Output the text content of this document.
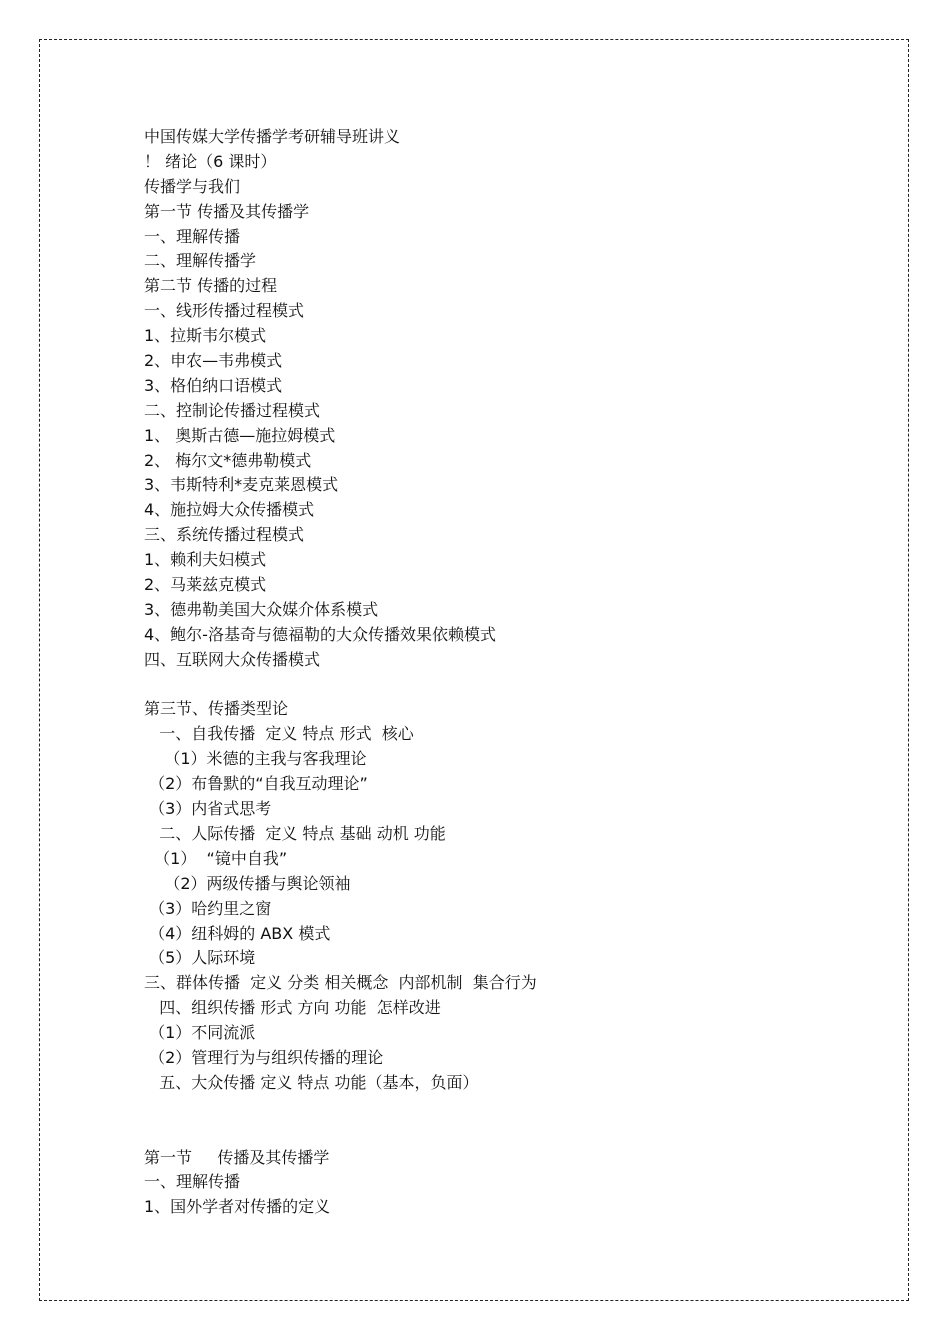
中国传媒大学传播学考研辅导班讲义
！ 绪论（6 课时）
传播学与我们
第一节 传播及其传播学
一、理解传播
二、理解传播学
第二节 传播的过程
一、线形传播过程模式
1、拉斯韦尔模式
2、申农—韦弗模式
3、格伯纳口语模式
二、控制论传播过程模式
1、 奥斯古德—施拉姆模式
2、 梅尔文*德弗勒模式
3、韦斯特利*麦克莱恩模式
4、施拉姆大众传播模式
三、系统传播过程模式
1、赖利夫妇模式
2、马莱兹克模式
3、德弗勒美国大众媒介体系模式
4、鲍尔-洛基奇与德福勒的大众传播效果依赖模式
四、互联网大众传播模式
第三节、传播类型论
一、自我传播  定义 特点 形式  核心
（1）米德的主我与客我理论
（2）布鲁默的“自我互动理论”
（3）内省式思考
二、人际传播  定义 特点 基础 动机 功能
（1）  “镜中自我”
（2）两级传播与舆论领袖
（3）哈约里之窗
（4）纽科姆的 ABX 模式
（5）人际环境
三、群体传播  定义 分类 相关概念  内部机制  集合行为
四、组织传播 形式 方向 功能  怎样改进
（1）不同流派
（2）管理行为与组织传播的理论
五、大众传播 定义 特点 功能（基本，负面）
第一节     传播及其传播学
一、理解传播
1、国外学者对传播的定义
